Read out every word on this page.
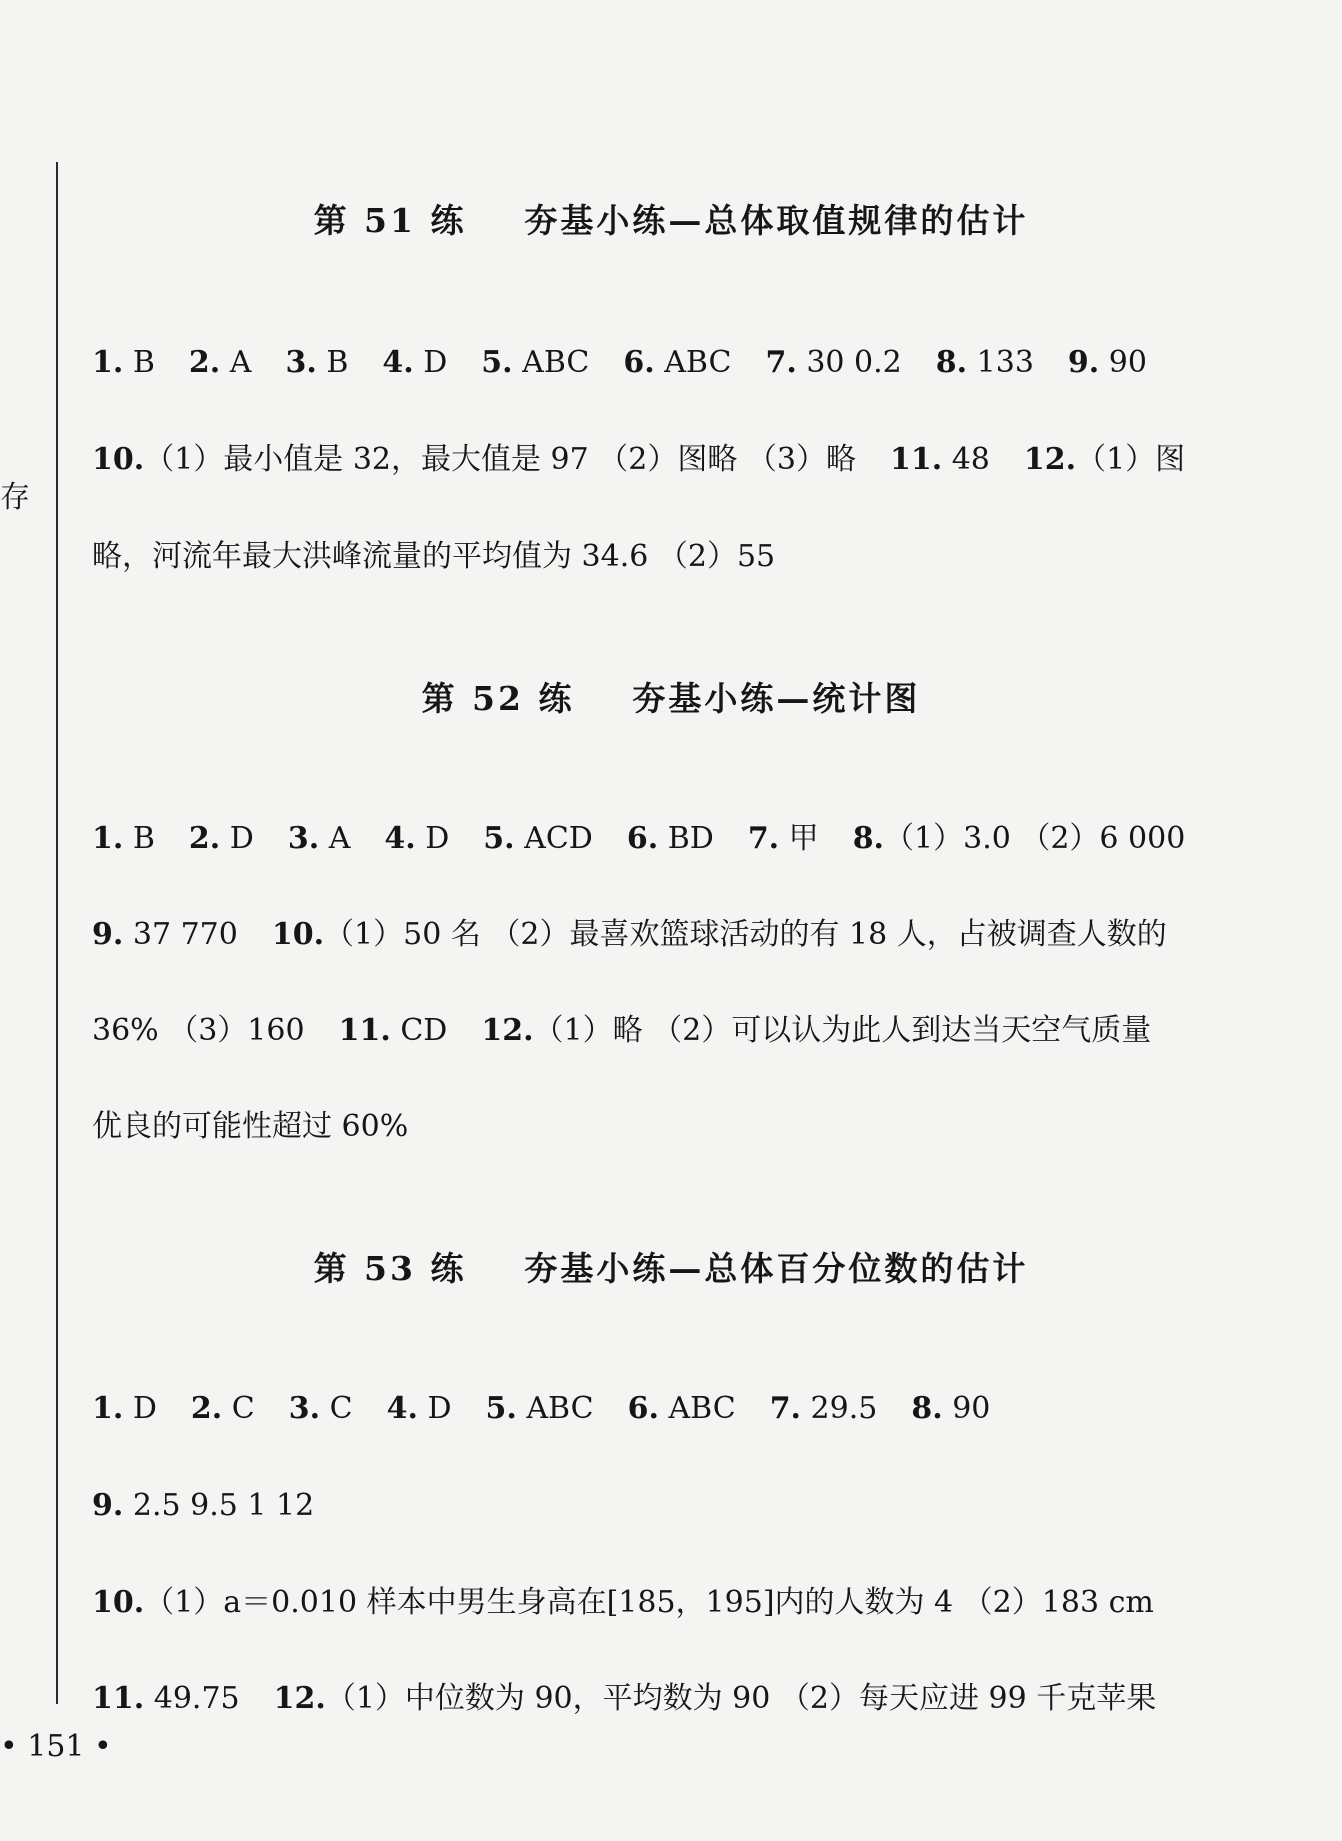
存
• 151 •
第 51 练    夯基小练—总体取值规律的估计
1. B 2. A 3. B 4. D 5. ABC 6. ABC 7. 30 0.2 8. 133 9. 90
10.（1）最小值是 32，最大值是 97 （2）图略 （3）略 11. 48 12.（1）图
略，河流年最大洪峰流量的平均值为 34.6 （2）55
第 52 练    夯基小练—统计图
1. B 2. D 3. A 4. D 5. ACD 6. BD 7. 甲 8.（1）3.0 （2）6 000
9. 37 770 10.（1）50 名 （2）最喜欢篮球活动的有 18 人，占被调查人数的
36% （3）160 11. CD 12.（1）略 （2）可以认为此人到达当天空气质量
优良的可能性超过 60%
第 53 练    夯基小练—总体百分位数的估计
1. D 2. C 3. C 4. D 5. ABC 6. ABC 7. 29.5 8. 90
9. 2.5 9.5 1 12
10.（1）a＝0.010 样本中男生身高在[185，195]内的人数为 4 （2）183 cm
11. 49.75 12.（1）中位数为 90，平均数为 90 （2）每天应进 99 千克苹果
